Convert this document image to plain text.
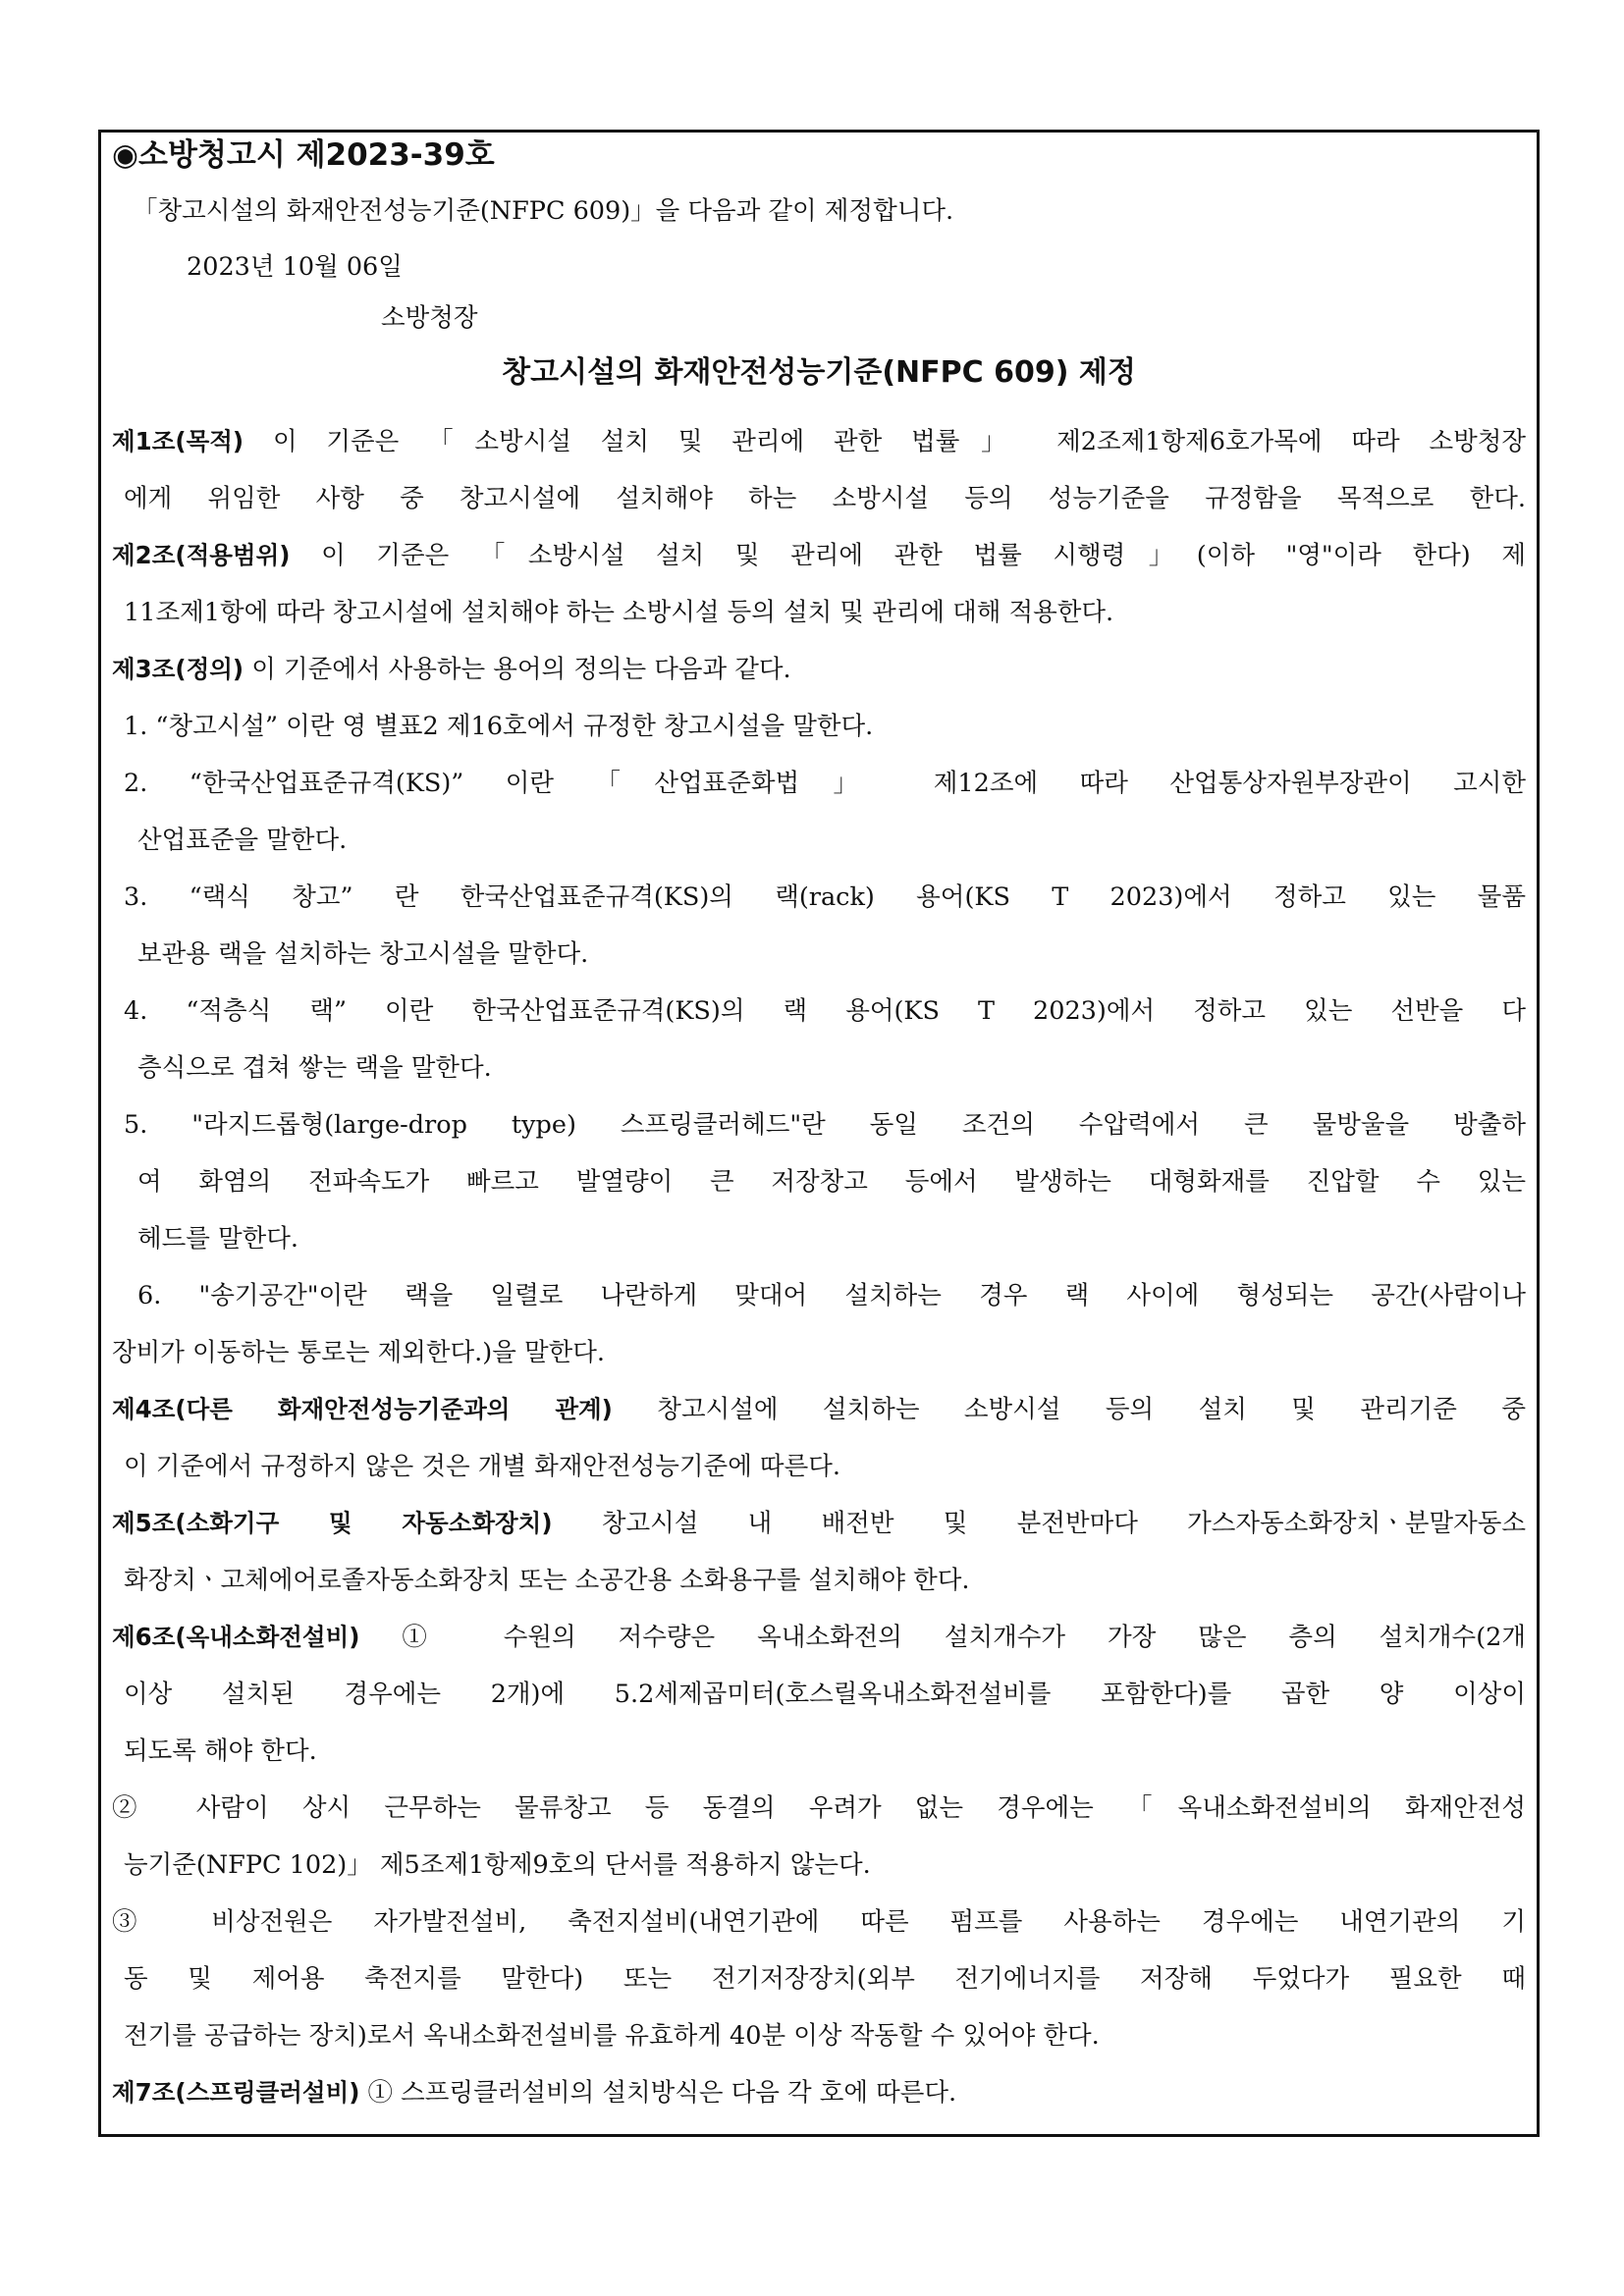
◉소방청고시 제2023-39호
「창고시설의 화재안전성능기준(NFPC 609)」을 다음과 같이 제정합니다.
2023년 10월 06일
소방청장
창고시설의 화재안전성능기준(NFPC 609) 제정
제1조(목적) 이 기준은 「소방시설 설치 및 관리에 관한 법률」 제2조제1항제6호가목에 따라 소방청장
에게 위임한 사항 중 창고시설에 설치해야 하는 소방시설 등의 성능기준을 규정함을 목적으로 한다.
제2조(적용범위) 이 기준은 「소방시설 설치 및 관리에 관한 법률 시행령」(이하 "영"이라 한다) 제
11조제1항에 따라 창고시설에 설치해야 하는 소방시설 등의 설치 및 관리에 대해 적용한다.
제3조(정의) 이 기준에서 사용하는 용어의 정의는 다음과 같다.
1. “창고시설” 이란 영 별표2 제16호에서 규정한 창고시설을 말한다.
2. “한국산업표준규격(KS)” 이란 「산업표준화법」 제12조에 따라 산업통상자원부장관이 고시한
산업표준을 말한다.
3. “랙식 창고” 란 한국산업표준규격(KS)의 랙(rack) 용어(KS T 2023)에서 정하고 있는 물품
보관용 랙을 설치하는 창고시설을 말한다.
4. “적층식 랙” 이란 한국산업표준규격(KS)의 랙 용어(KS T 2023)에서 정하고 있는 선반을 다
층식으로 겹쳐 쌓는 랙을 말한다.
5. "라지드롭형(large-drop type) 스프링클러헤드"란 동일 조건의 수압력에서 큰 물방울을 방출하
여 화염의 전파속도가 빠르고 발열량이 큰 저장창고 등에서 발생하는 대형화재를 진압할 수 있는
헤드를 말한다.
6. "송기공간"이란 랙을 일렬로 나란하게 맞대어 설치하는 경우 랙 사이에 형성되는 공간(사람이나
장비가 이동하는 통로는 제외한다.)을 말한다.
제4조(다른 화재안전성능기준과의 관계) 창고시설에 설치하는 소방시설 등의 설치 및 관리기준 중
이 기준에서 규정하지 않은 것은 개별 화재안전성능기준에 따른다.
제5조(소화기구 및 자동소화장치) 창고시설 내 배전반 및 분전반마다 가스자동소화장치ㆍ분말자동소
화장치ㆍ고체에어로졸자동소화장치 또는 소공간용 소화용구를 설치해야 한다.
제6조(옥내소화전설비) ① 수원의 저수량은 옥내소화전의 설치개수가 가장 많은 층의 설치개수(2개
이상 설치된 경우에는 2개)에 5.2세제곱미터(호스릴옥내소화전설비를 포함한다)를 곱한 양 이상이
되도록 해야 한다.
② 사람이 상시 근무하는 물류창고 등 동결의 우려가 없는 경우에는 「옥내소화전설비의 화재안전성
능기준(NFPC 102)」 제5조제1항제9호의 단서를 적용하지 않는다.
③ 비상전원은 자가발전설비, 축전지설비(내연기관에 따른 펌프를 사용하는 경우에는 내연기관의 기
동 및 제어용 축전지를 말한다) 또는 전기저장장치(외부 전기에너지를 저장해 두었다가 필요한 때
전기를 공급하는 장치)로서 옥내소화전설비를 유효하게 40분 이상 작동할 수 있어야 한다.
제7조(스프링클러설비) ① 스프링클러설비의 설치방식은 다음 각 호에 따른다.
